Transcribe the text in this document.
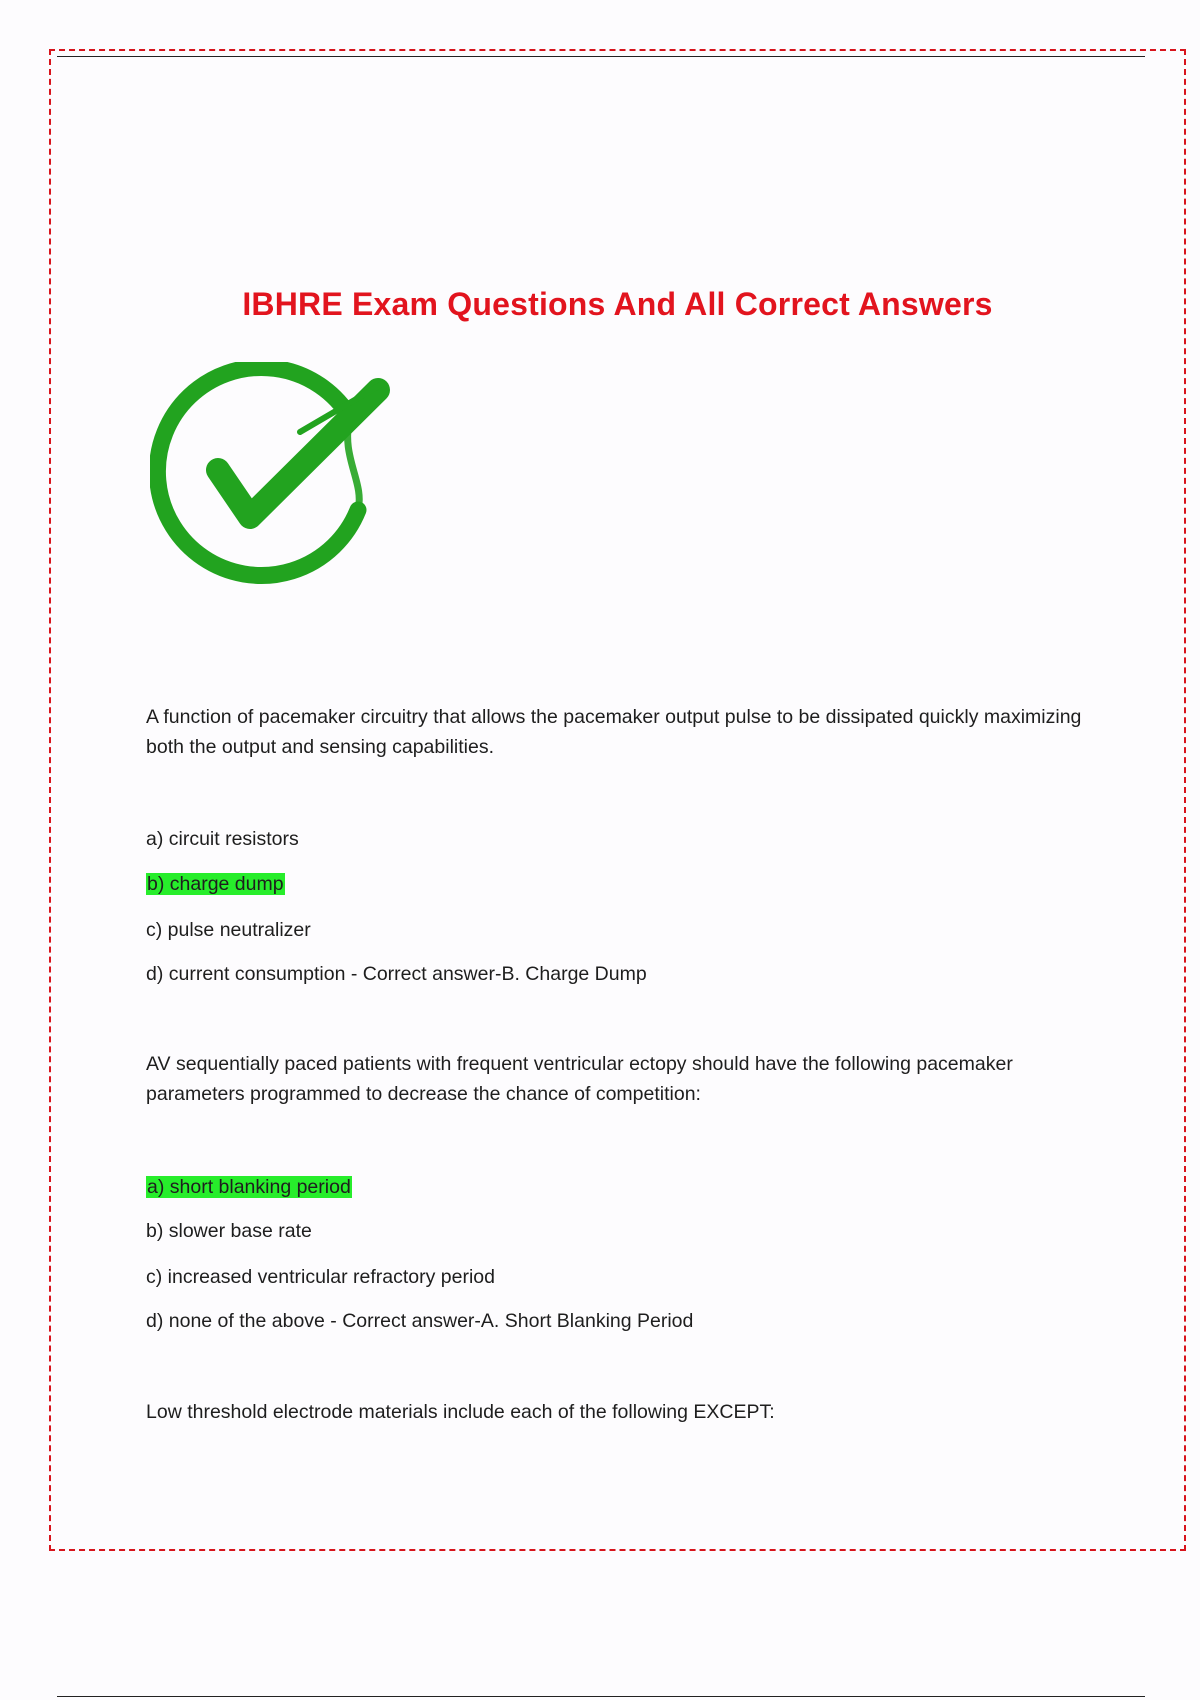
IBHRE Exam Questions And All Correct Answers

A function of pacemaker circuitry that allows the pacemaker output pulse to be dissipated quickly maximizing both the output and sensing capabilities.

a) circuit resistors

b) charge dump

c) pulse neutralizer

d) current consumption - Correct answer-B. Charge Dump

AV sequentially paced patients with frequent ventricular ectopy should have the following pacemaker parameters programmed to decrease the chance of competition:

a) short blanking period

b) slower base rate

c) increased ventricular refractory period

d) none of the above - Correct answer-A. Short Blanking Period

Low threshold electrode materials include each of the following EXCEPT:
